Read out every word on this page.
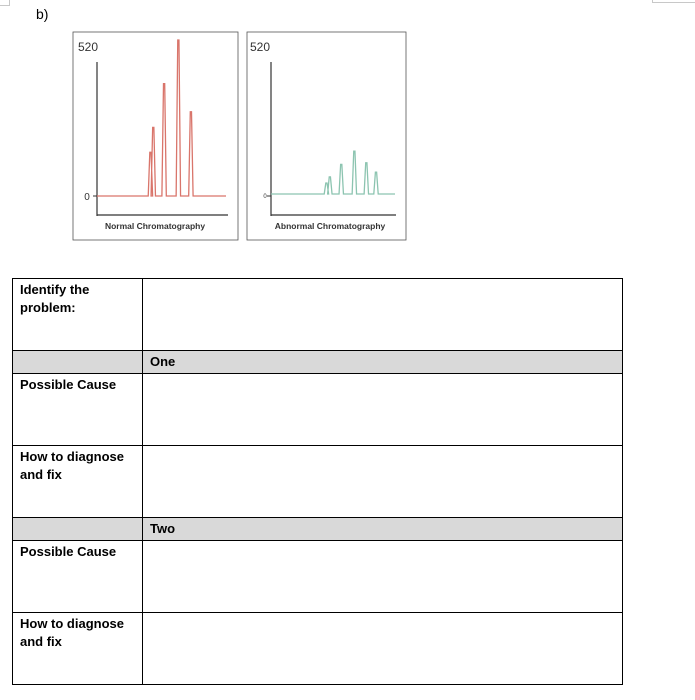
b)
520
0
Normal Chromatography
520
0
Abnormal Chromatography
Identify the problem:	
	One
Possible Cause	
How to diagnose and fix	
	Two
Possible Cause	
How to diagnose and fix	
